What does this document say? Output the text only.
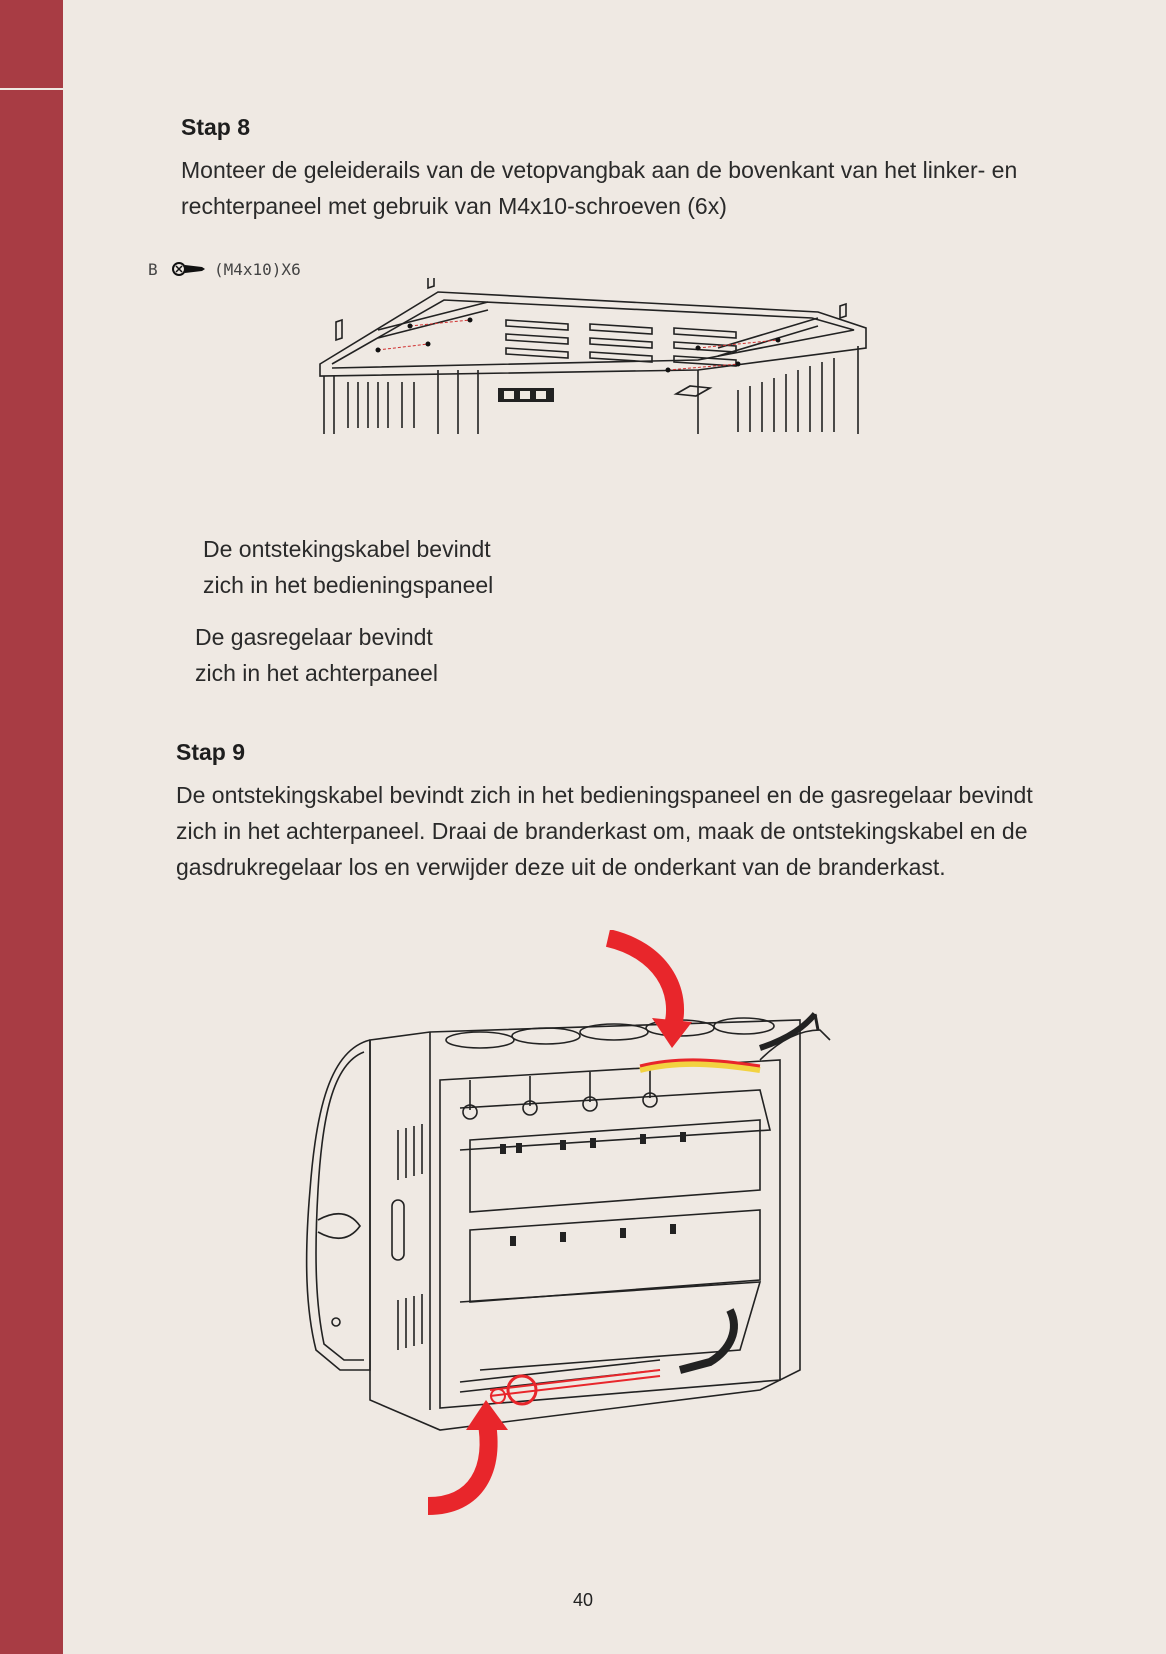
Stap 8
Monteer de geleiderails van de vetopvangbak aan de bovenkant van het linker- en
rechterpaneel met gebruik van M4x10-schroeven (6x)
B	(M4x10)X6
De ontstekingskabel bevindt
zich in het bedieningspaneel
De gasregelaar bevindt
zich in het achterpaneel
Stap 9
De ontstekingskabel bevindt zich in het bedieningspaneel en de gasregelaar bevindt
zich in het achterpaneel. Draai de branderkast om, maak de ontstekingskabel en de
gasdrukregelaar los en verwijder deze uit de onderkant van de branderkast.
40
